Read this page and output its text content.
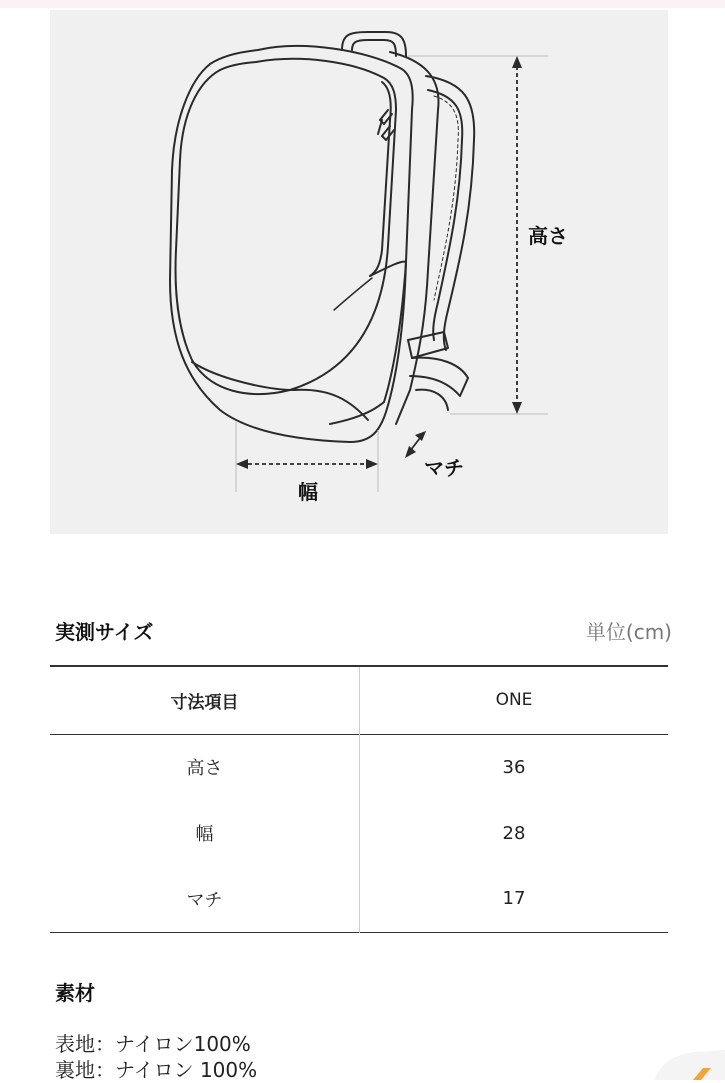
高さ
幅
マチ
実測サイズ	単位(cm)
寸法項目	ONE
高さ	36
幅	28
マチ	17
素材
表地：ナイロン100%
裏地：ナイロン 100%
